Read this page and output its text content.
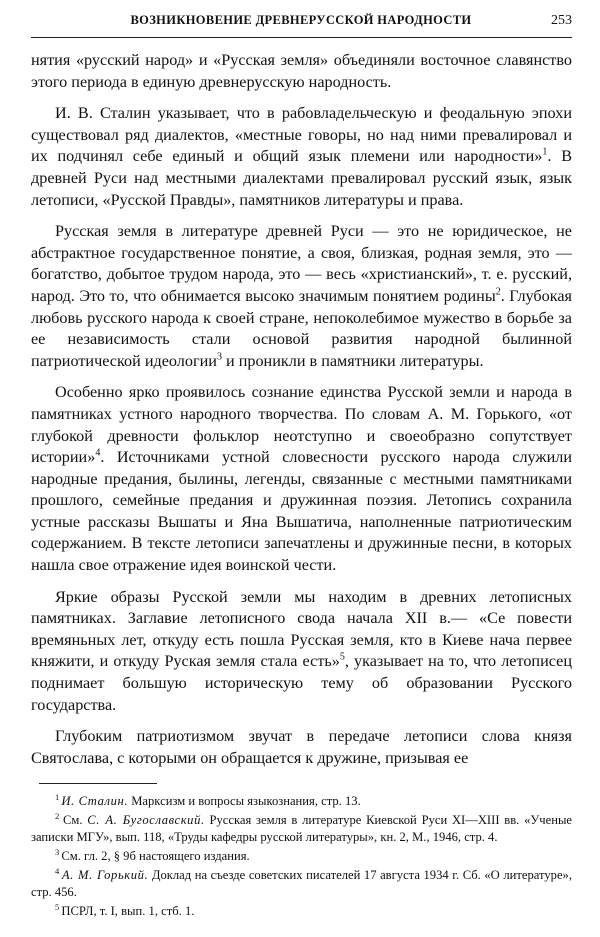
ВОЗНИКНОВЕНИЕ ДРЕВНЕРУССКОЙ НАРОДНОСТИ	253

нятия «русский народ» и «Русская земля» объединяли восточное славянство этого периода в единую древнерусскую народность.

И. В. Сталин указывает, что в рабовладельческую и феодальную эпохи существовал ряд диалектов, «местные говоры, но над ними превалировал и их подчинял себе единый и общий язык племени или народности»$^1$. В древней Руси над местными диалектами превалировал русский язык, язык летописи, «Русской Правды», памятников литературы и права.

Русская земля в литературе древней Руси — это не юридическое, не абстрактное государственное понятие, а своя, близкая, родная земля, это — богатство, добытое трудом народа, это — весь «христианский», т. е. русский, народ. Это то, что обнимается высоко значимым понятием родины$^2$. Глубокая любовь русского народа к своей стране, непоколебимое мужество в борьбе за ее независимость стали основой развития народной былинной патриотической идеологии$^3$ и проникли в памятники литературы.

Особенно ярко проявилось сознание единства Русской земли и народа в памятниках устного народного творчества. По словам А. М. Горького, «от глубокой древности фольклор неотступно и своеобразно сопутствует истории»$^4$. Источниками устной словесности русского народа служили народные предания, былины, легенды, связанные с местными памятниками прошлого, семейные предания и дружинная поэзия. Летопись сохранила устные рассказы Вышаты и Яна Вышатича, наполненные патриотическим содержанием. В тексте летописи запечатлены и дружинные песни, в которых нашла свое отражение идея воинской чести.

Яркие образы Русской земли мы находим в древних летописных памятниках. Заглавие летописного свода начала XII в.— «Се повести времяньных лет, откуду есть пошла Русская земля, кто в Киеве нача первее княжити, и откуду Руская земля стала есть»$^5$, указывает на то, что летописец поднимает большую историческую тему об образовании Русского государства.

Глубоким патриотизмом звучат в передаче летописи слова князя Святослава, с которыми он обращается к дружине, призывая ее

$^1$ И. Сталин. Марксизм и вопросы языкознания, стр. 13.
$^2$ См. С. А. Бугославский. Русская земля в литературе Киевской Руси XI—XIII вв. «Ученые записки МГУ», вып. 118, «Труды кафедры русской литературы», кн. 2, М., 1946, стр. 4.
$^3$ См. гл. 2, § 9б настоящего издания.
$^4$ А. М. Горький. Доклад на съезде советских писателей 17 августа 1934 г. Сб. «О литературе», стр. 456.
$^5$ ПСРЛ, т. I, вып. 1, стб. 1.
